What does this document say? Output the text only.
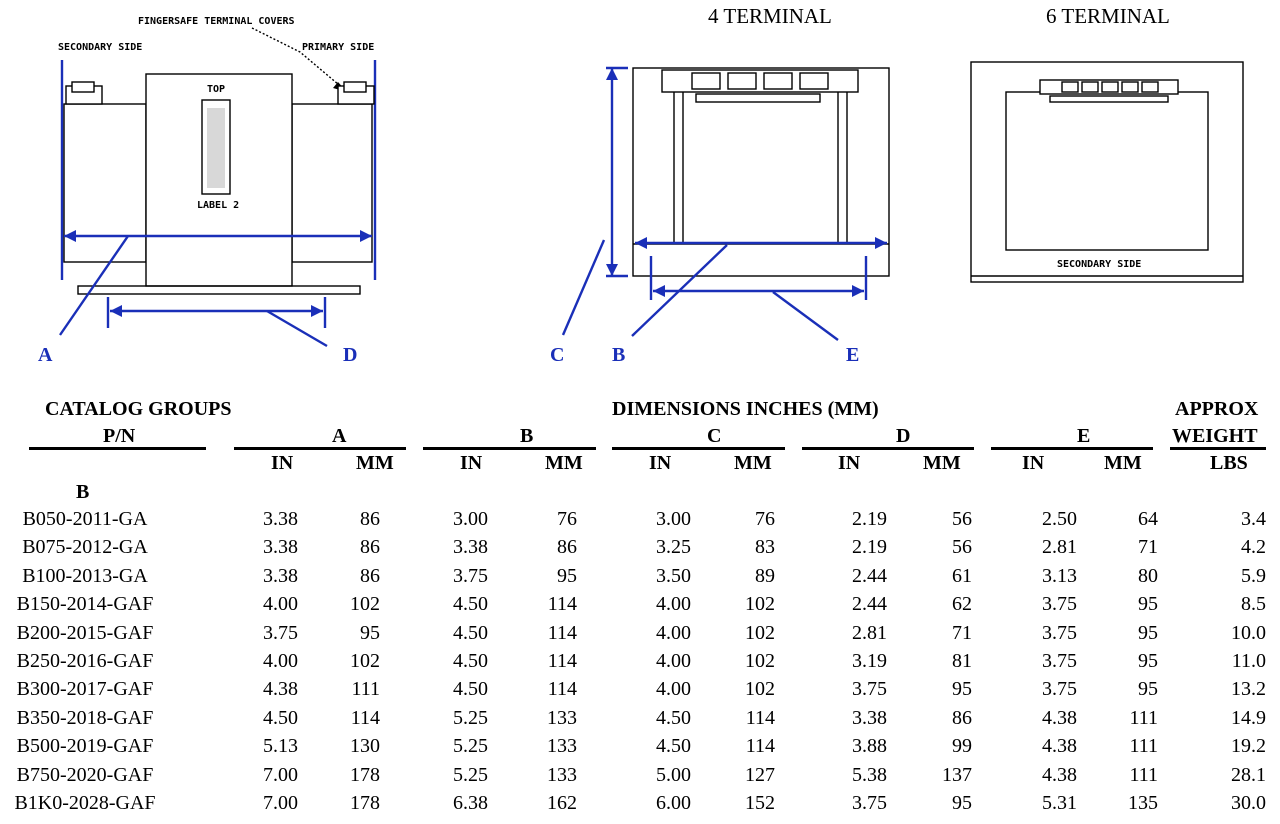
FINGERSAFE TERMINAL COVERS
SECONDARY SIDE	PRIMARY SIDE
TOP
LABEL 2
A	D
4 TERMINAL
C B	E
6 TERMINAL
SECONDARY SIDE
CATALOG GROUPS
P/N
DIMENSIONS INCHES (MM)	APPROX
WEIGHT
A	B	C	D	E
IN	MM	IN	MM	IN	MM	IN	MM	IN	MM	LBS
B
B050-2011-GA	3.38	86	3.00	76	3.00	76	2.19	56	2.50	64	3.4
B075-2012-GA	3.38	86	3.38	86	3.25	83	2.19	56	2.81	71	4.2
B100-2013-GA	3.38	86	3.75	95	3.50	89	2.44	61	3.13	80	5.9
B150-2014-GAF	4.00	102	4.50	114	4.00	102	2.44	62	3.75	95	8.5
B200-2015-GAF	3.75	95	4.50	114	4.00	102	2.81	71	3.75	95	10.0
B250-2016-GAF	4.00	102	4.50	114	4.00	102	3.19	81	3.75	95	11.0
B300-2017-GAF	4.38	111	4.50	114	4.00	102	3.75	95	3.75	95	13.2
B350-2018-GAF	4.50	114	5.25	133	4.50	114	3.38	86	4.38	111	14.9
B500-2019-GAF	5.13	130	5.25	133	4.50	114	3.88	99	4.38	111	19.2
B750-2020-GAF	7.00	178	5.25	133	5.00	127	5.38	137	4.38	111	28.1
B1K0-2028-GAF	7.00	178	6.38	162	6.00	152	3.75	95	5.31	135	30.0
